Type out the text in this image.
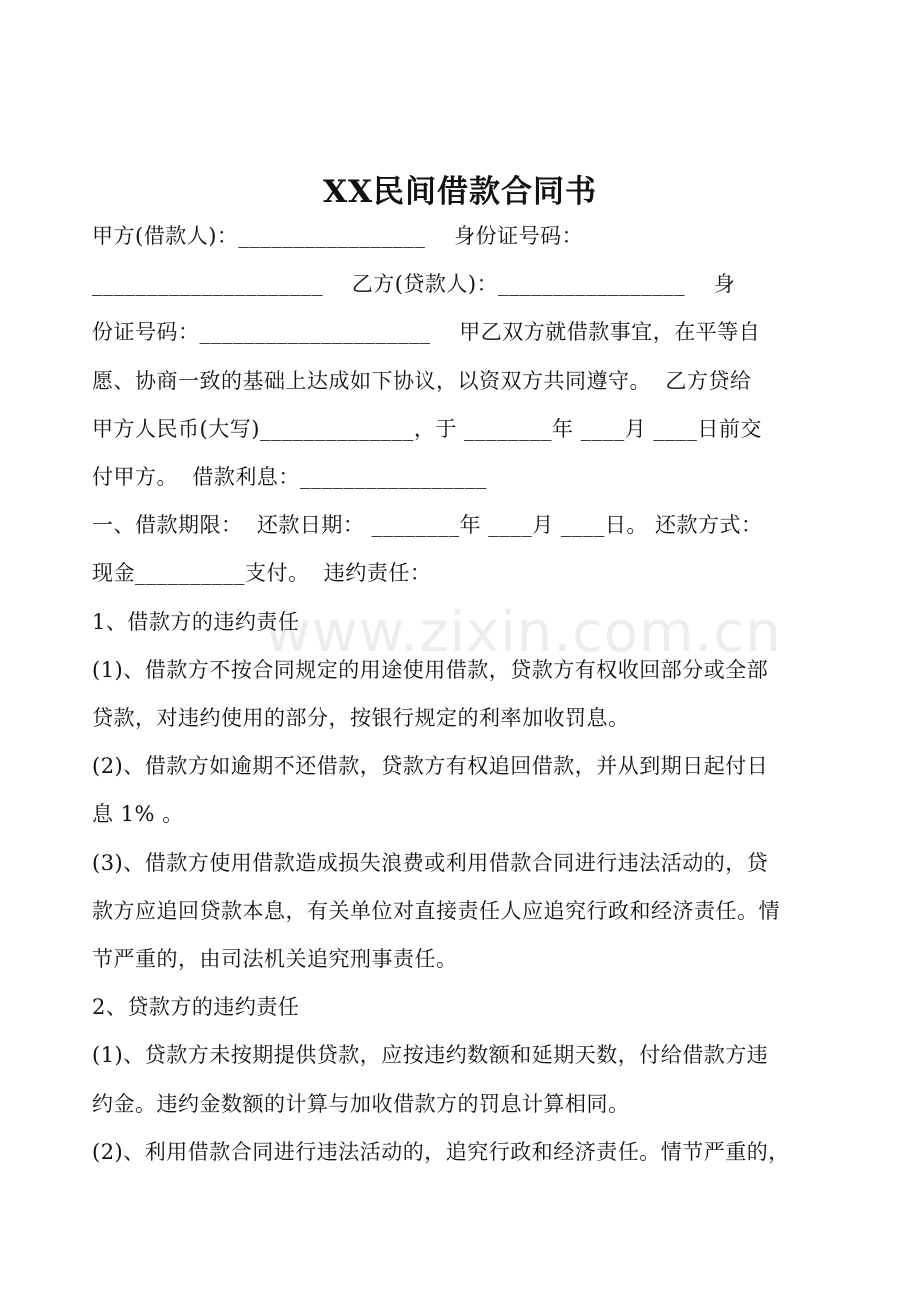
www.zixin.com.cn
XX民间借款合同书
甲方(借款人)：_________________    身份证号码：
_____________________    乙方(贷款人)：_________________    身
份证号码：_____________________    甲乙双方就借款事宜，在平等自
愿、协商一致的基础上达成如下协议，以资双方共同遵守。  乙方贷给
甲方人民币(大写)______________，于 ________年 ____月 ____日前交
付甲方。  借款利息：_________________
一、借款期限：  还款日期： ________年 ____月 ____日。 还款方式：
现金__________支付。  违约责任：
1、借款方的违约责任
(1)、借款方不按合同规定的用途使用借款，贷款方有权收回部分或全部
贷款，对违约使用的部分，按银行规定的利率加收罚息。
(2)、借款方如逾期不还借款，贷款方有权追回借款，并从到期日起付日
息 1% 。
(3)、借款方使用借款造成损失浪费或利用借款合同进行违法活动的，贷
款方应追回贷款本息，有关单位对直接责任人应追究行政和经济责任。情
节严重的，由司法机关追究刑事责任。
2、贷款方的违约责任
(1)、贷款方未按期提供贷款，应按违约数额和延期天数，付给借款方违
约金。违约金数额的计算与加收借款方的罚息计算相同。
(2)、利用借款合同进行违法活动的，追究行政和经济责任。情节严重的，
